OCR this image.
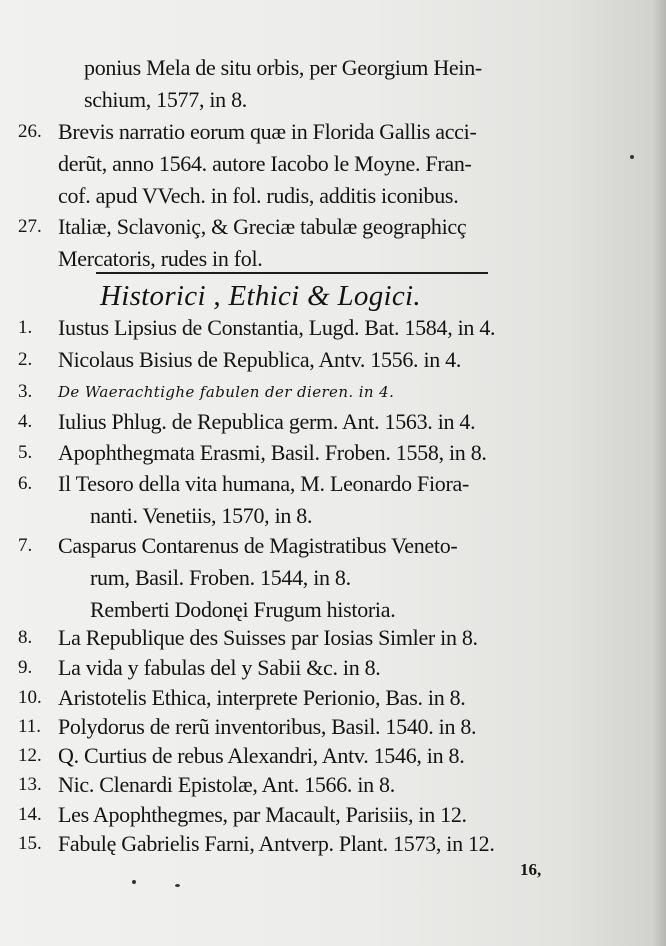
ponius Mela de situ orbis, per Georgium Hein-
schium, 1577, in 8.
26. Brevis narratio eorum quæ in Florida Gallis acci-
derũt, anno 1564. autore Iacobo le Moyne. Fran-
cof. apud VVech. in fol. rudis, additis iconibus.
27. Italiæ, Sclavoniç, & Greciæ tabulæ geographicç
Mercatoris, rudes in fol.
Historici , Ethici & Logici.
1. Iustus Lipsius de Constantia, Lugd. Bat. 1584, in 4.
2. Nicolaus Bisius de Republica, Antv. 1556. in 4.
3. De Waerachtighe fabulen der dieren. in 4.
4. Iulius Phlug. de Republica germ. Ant. 1563. in 4.
5. Apophthegmata Erasmi, Basil. Froben. 1558, in 8.
6. Il Tesoro della vita humana, M. Leonardo Fiora-
nanti. Venetiis, 1570, in 8.
7. Casparus Contarenus de Magistratibus Veneto-
rum, Basil. Froben. 1544, in 8.
Remberti Dodonęi Frugum historia.
8. La Republique des Suisses par Iosias Simler in 8.
9. La vida y fabulas del y Sabii &c. in 8.
10. Aristotelis Ethica, interprete Perionio, Bas. in 8.
11. Polydorus de rerũ inventoribus, Basil. 1540. in 8.
12. Q. Curtius de rebus Alexandri, Antv. 1546, in 8.
13. Nic. Clenardi Epistolæ, Ant. 1566. in 8.
14. Les Apophthegmes, par Macault, Parisiis, in 12.
15. Fabulę Gabrielis Farni, Antverp. Plant. 1573, in 12.
16,
